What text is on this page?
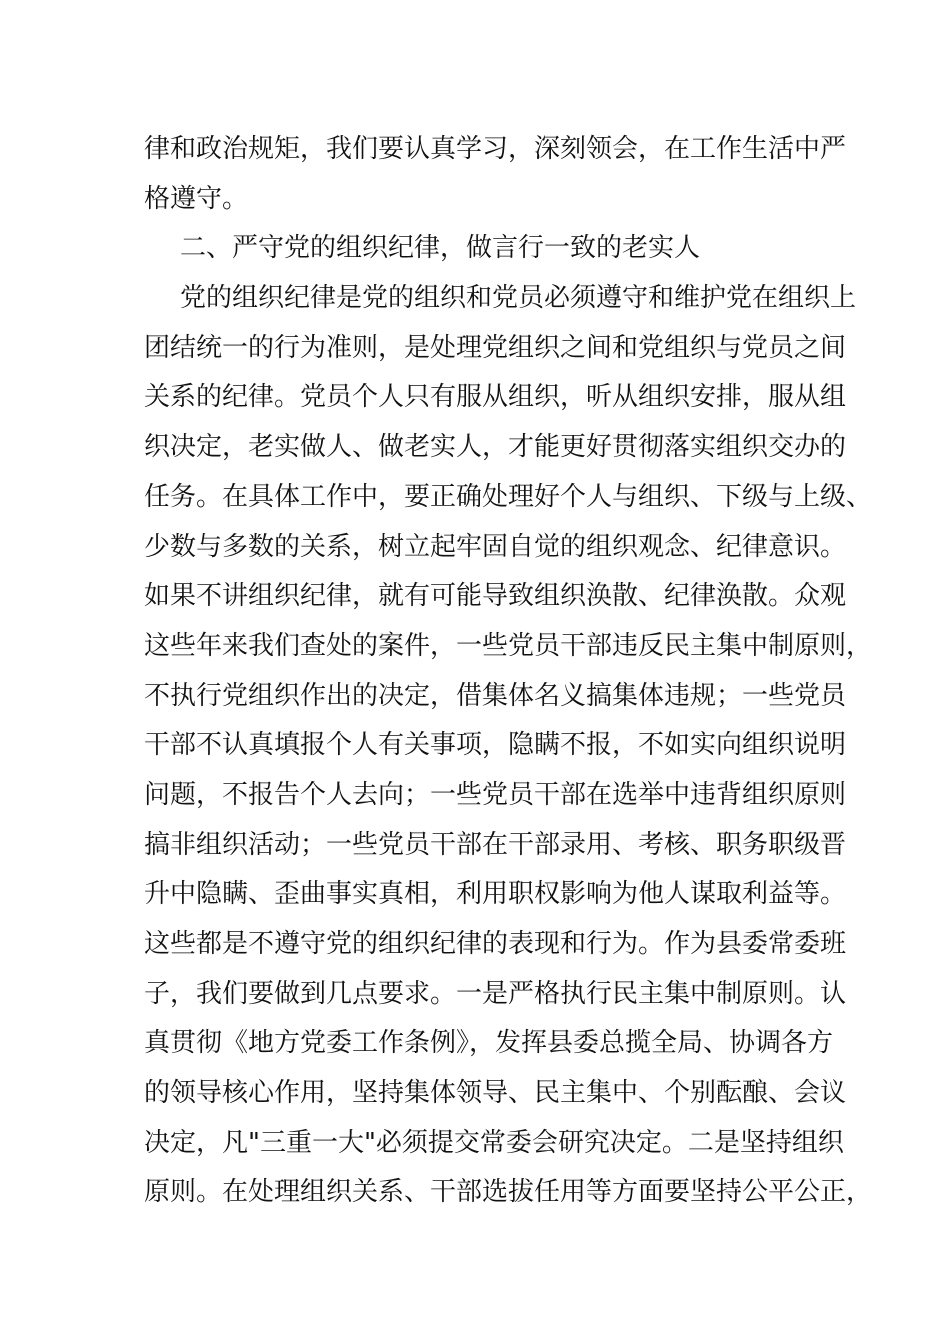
律和政治规矩，我们要认真学习，深刻领会，在工作生活中严
格遵守。
二、严守党的组织纪律，做言行一致的老实人
党的组织纪律是党的组织和党员必须遵守和维护党在组织上
团结统一的行为准则，是处理党组织之间和党组织与党员之间
关系的纪律。党员个人只有服从组织，听从组织安排，服从组
织决定，老实做人、做老实人，才能更好贯彻落实组织交办的
任务。在具体工作中，要正确处理好个人与组织、下级与上级、
少数与多数的关系，树立起牢固自觉的组织观念、纪律意识。
如果不讲组织纪律，就有可能导致组织涣散、纪律涣散。众观
这些年来我们查处的案件，一些党员干部违反民主集中制原则，
不执行党组织作出的决定，借集体名义搞集体违规；一些党员
干部不认真填报个人有关事项，隐瞒不报，不如实向组织说明
问题，不报告个人去向；一些党员干部在选举中违背组织原则
搞非组织活动；一些党员干部在干部录用、考核、职务职级晋
升中隐瞒、歪曲事实真相，利用职权影响为他人谋取利益等。
这些都是不遵守党的组织纪律的表现和行为。作为县委常委班
子，我们要做到几点要求。一是严格执行民主集中制原则。认
真贯彻《地方党委工作条例》，发挥县委总揽全局、协调各方
的领导核心作用，坚持集体领导、民主集中、个别酝酿、会议
决定，凡"三重一大"必须提交常委会研究决定。二是坚持组织
原则。在处理组织关系、干部选拔任用等方面要坚持公平公正，
